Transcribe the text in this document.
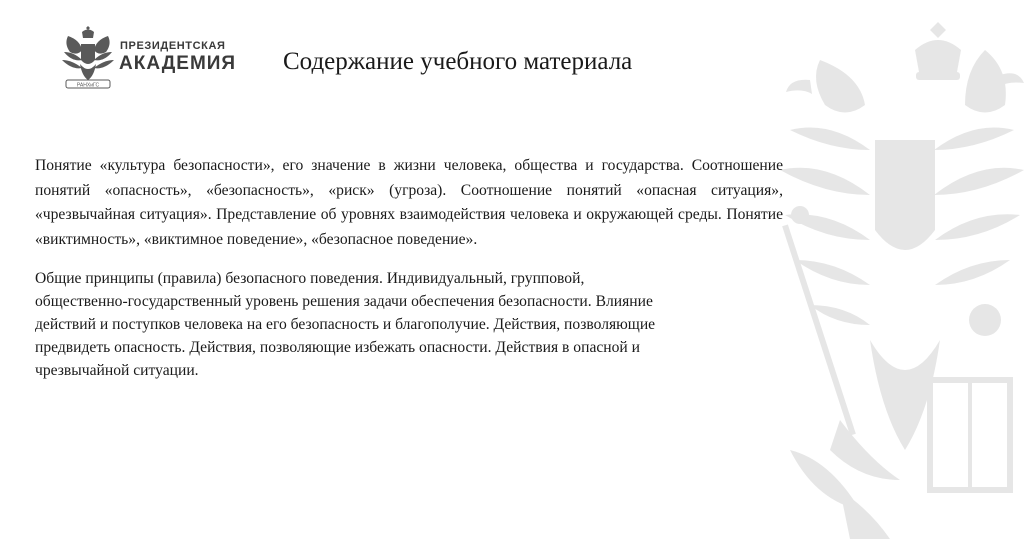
РАНХиГС
ПРЕЗИДЕНТСКАЯ
АКАДЕМИЯ Содержание учебного материала

Понятие «культура безопасности», его значение в жизни человека, общества и государства. Соотношение понятий «опасность», «безопасность», «риск» (угроза). Соотношение понятий «опасная ситуация», «чрезвычайная ситуация». Представление об уровнях взаимодействия человека и окружающей среды. Понятие «виктимность», «виктимное поведение», «безопасное поведение».

Общие принципы (правила) безопасного поведения. Индивидуальный, групповой,
общественно-государственный уровень решения задачи обеспечения безопасности. Влияние
действий и поступков человека на его безопасность и благополучие. Действия, позволяющие
предвидеть опасность. Действия, позволяющие избежать опасности. Действия в опасной и
чрезвычайной ситуации.
